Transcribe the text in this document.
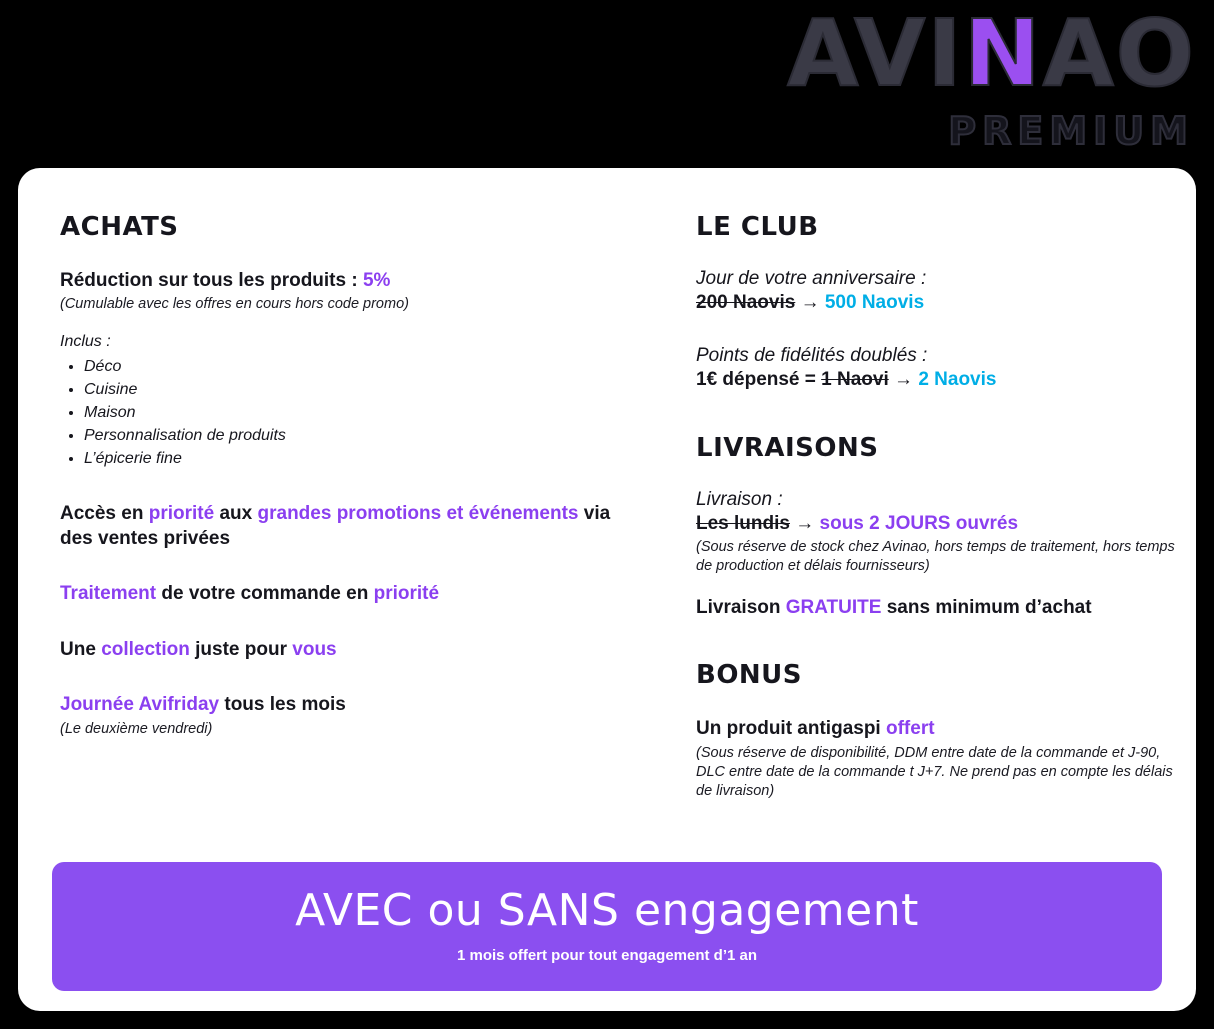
AVINAO
PREMIUM
ACHATS

Réduction sur tous les produits : 5%

(Cumulable avec les offres en cours hors code promo)

Inclus :

• Déco
• Cuisine
• Maison
• Personnalisation de produits
• L’épicerie fine

Accès en priorité aux grandes promotions et événements via des ventes privées

Traitement de votre commande en priorité

Une collection juste pour vous

Journée Avifriday tous les mois

(Le deuxième vendredi)

LE CLUB

Jour de votre anniversaire :

200 Naovis → 500 Naovis

Points de fidélités doublés :

1€ dépensé = 1 Naovi → 2 Naovis

LIVRAISONS

Livraison :

Les lundis → sous 2 JOURS ouvrés

(Sous réserve de stock chez Avinao, hors temps de traitement, hors temps de production et délais fournisseurs)

Livraison GRATUITE sans minimum d’achat

BONUS

Un produit antigaspi offert

(Sous réserve de disponibilité, DDM entre date de la commande et J-90, DLC entre date de la commande t J+7. Ne prend pas en compte les délais de livraison)

AVEC ou SANS engagement
1 mois offert pour tout engagement d’1 an
